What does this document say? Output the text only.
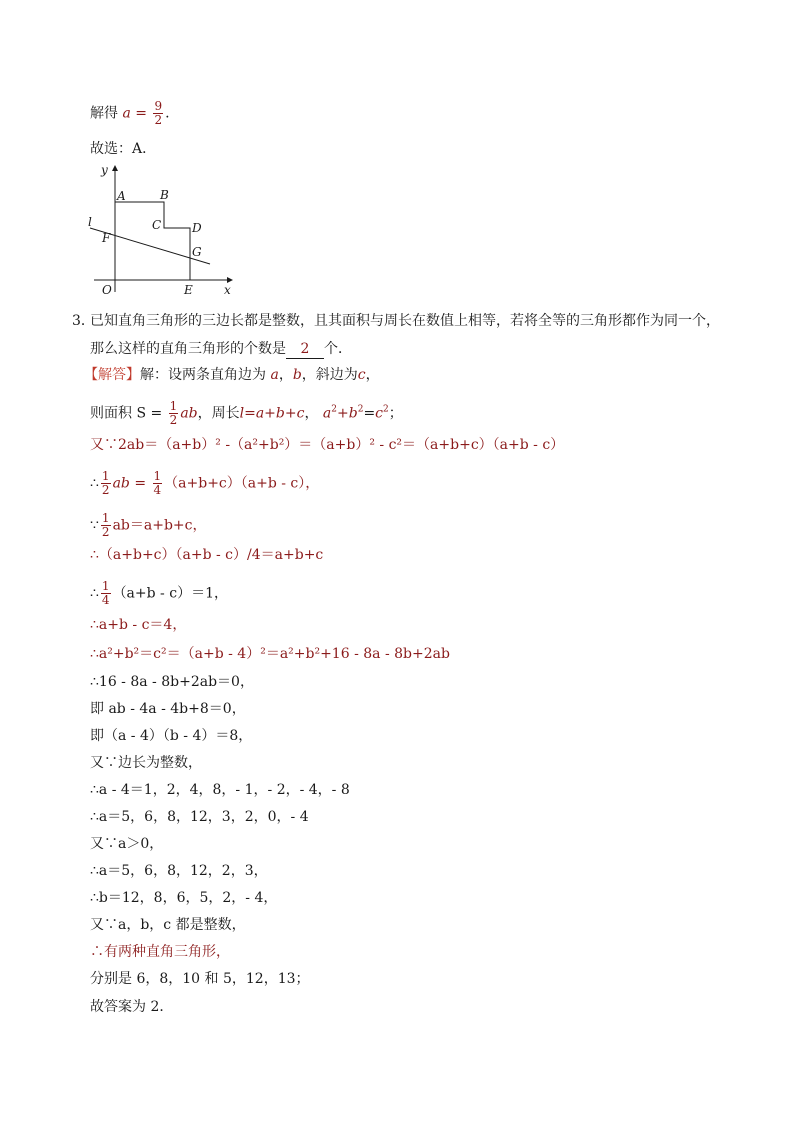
解得 $a = \frac{9}{2}$ .
故选：A．
y
x
O
A	B
C	D
G
E
F
l
3．
已知直角三角形的三边长都是整数，且其面积与周长在数值上相等，若将全等的三角形都作为同一个，
那么这样的直角三角形的个数是 2 个．
【解答】解：设两条直角边为 a，b，斜边为c，
则面积 $S = \frac{1}{2}$ ab，周长l=a+b+c， $a^2+b^2=c^2$；
又∵2ab＝（a+b）² -（a²+b²）＝（a+b）² - c²＝（a+b+c）（a+b - c）
∴ $\frac{1}{2}$ ab = $\frac{1}{4} (a+b+c)(a+b - c)$，
∵ $\frac{1}{2} ab=a+b+c$，
∴（a+b+c）（a+b - c）/4＝a+b+c
∴ $\frac{1}{4} (a+b - c)=1$，
∴a+b - c＝4，
∴a²+b²＝c²＝（a+b - 4）²＝a²+b²+16 - 8a - 8b+2ab
∴16 - 8a - 8b+2ab＝0，
即 ab - 4a - 4b+8＝0，
即（a - 4）（b - 4）＝8，
又∵边长为整数，
∴a - 4＝1，2，4，8，- 1，- 2，- 4，- 8
∴a＝5，6，8，12，3，2，0，- 4
又∵a＞0，
∴a＝5，6，8，12，2，3，
∴b＝12，8，6，5，2，- 4，
又∵a，b，c 都是整数，
∴有两种直角三角形，
分别是 6，8，10 和 5，12，13；
故答案为 2．
